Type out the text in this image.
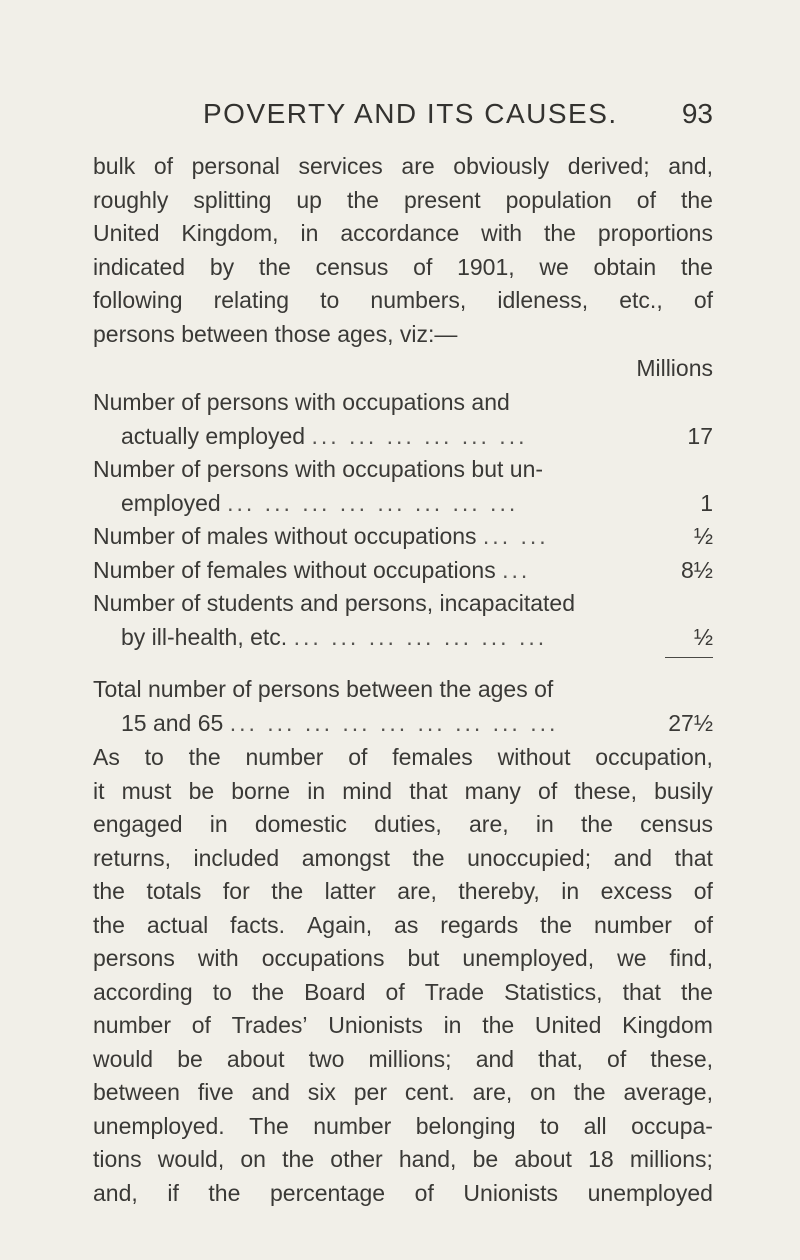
POVERTY AND ITS CAUSES. 93
bulk of personal services are obviously derived; and,
roughly splitting up the present population of the
United Kingdom, in accordance with the proportions
indicated by the census of 1901, we obtain the
following relating to numbers, idleness, etc., of
persons between those ages, viz:—
Millions
Number of persons with occupations and
actually employed ... ... ... ... ... ...	17
Number of persons with occupations but un-
employed ... ... ... ... ... ... ... ...	1
Number of males without occupations ... ...	½
Number of females without occupations ...	8½
Number of students and persons, incapacitated
by ill-health, etc. ... ... ... ... ... ... ...	½
Total number of persons between the ages of
15 and 65 ... ... ... ... ... ... ... ... ...	27½
As to the number of females without occupation,
it must be borne in mind that many of these, busily
engaged in domestic duties, are, in the census
returns, included amongst the unoccupied; and that
the totals for the latter are, thereby, in excess of
the actual facts. Again, as regards the number of
persons with occupations but unemployed, we find,
according to the Board of Trade Statistics, that the
number of Trades’ Unionists in the United Kingdom
would be about two millions; and that, of these,
between five and six per cent. are, on the average,
unemployed. The number belonging to all occupa-
tions would, on the other hand, be about 18 millions;
and, if the percentage of Unionists unemployed
